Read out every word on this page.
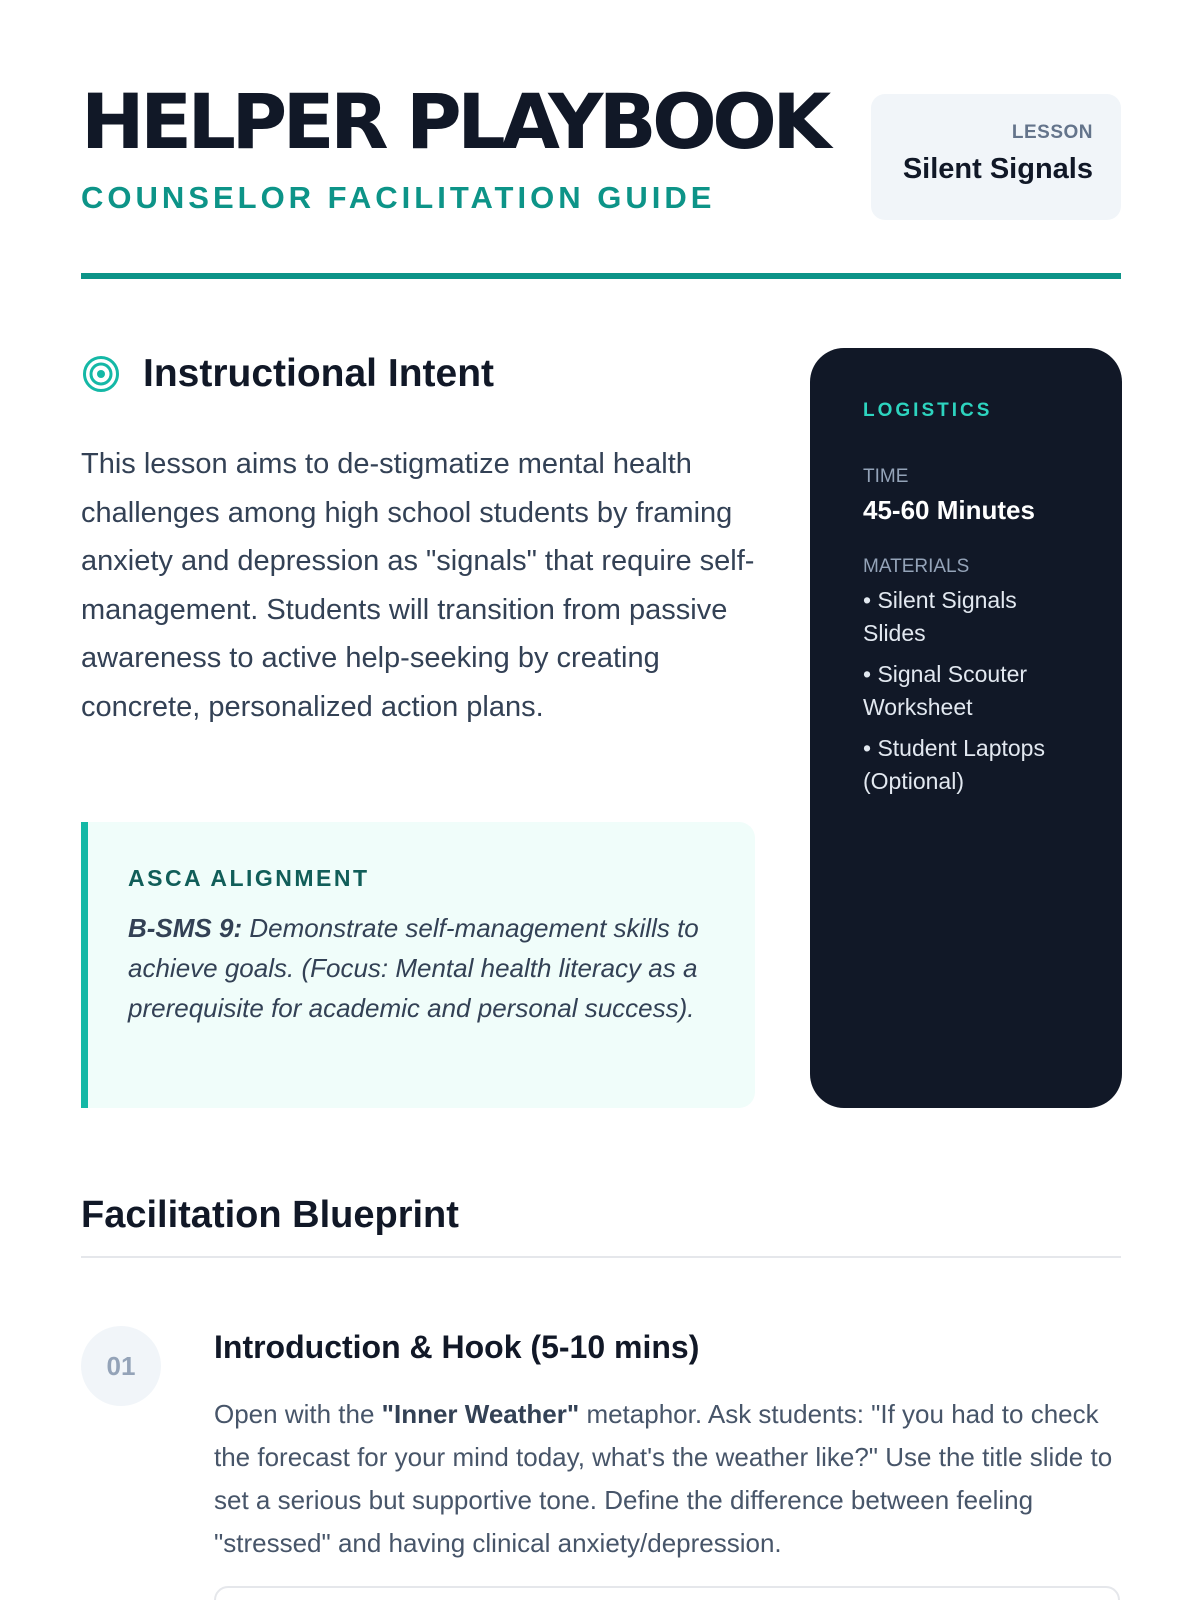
HELPER PLAYBOOK
COUNSELOR FACILITATION GUIDE
LESSON
Silent Signals
Instructional Intent

This lesson aims to de-stigmatize mental health challenges among high school students by framing anxiety and depression as "signals" that require self-management. Students will transition from passive awareness to active help-seeking by creating concrete, personalized action plans.

ASCA ALIGNMENT

B-SMS 9: Demonstrate self-management skills to achieve goals. (Focus: Mental health literacy as a prerequisite for academic and personal success).

LOGISTICS
TIME
45-60 Minutes
MATERIALS
• Silent Signals Slides
• Signal Scouter Worksheet
• Student Laptops (Optional)
Facilitation Blueprint
01
Introduction & Hook (5-10 mins)

Open with the "Inner Weather" metaphor. Ask students: "If you had to check the forecast for your mind today, what's the weather like?" Use the title slide to set a serious but supportive tone. Define the difference between feeling "stressed" and having clinical anxiety/depression.
